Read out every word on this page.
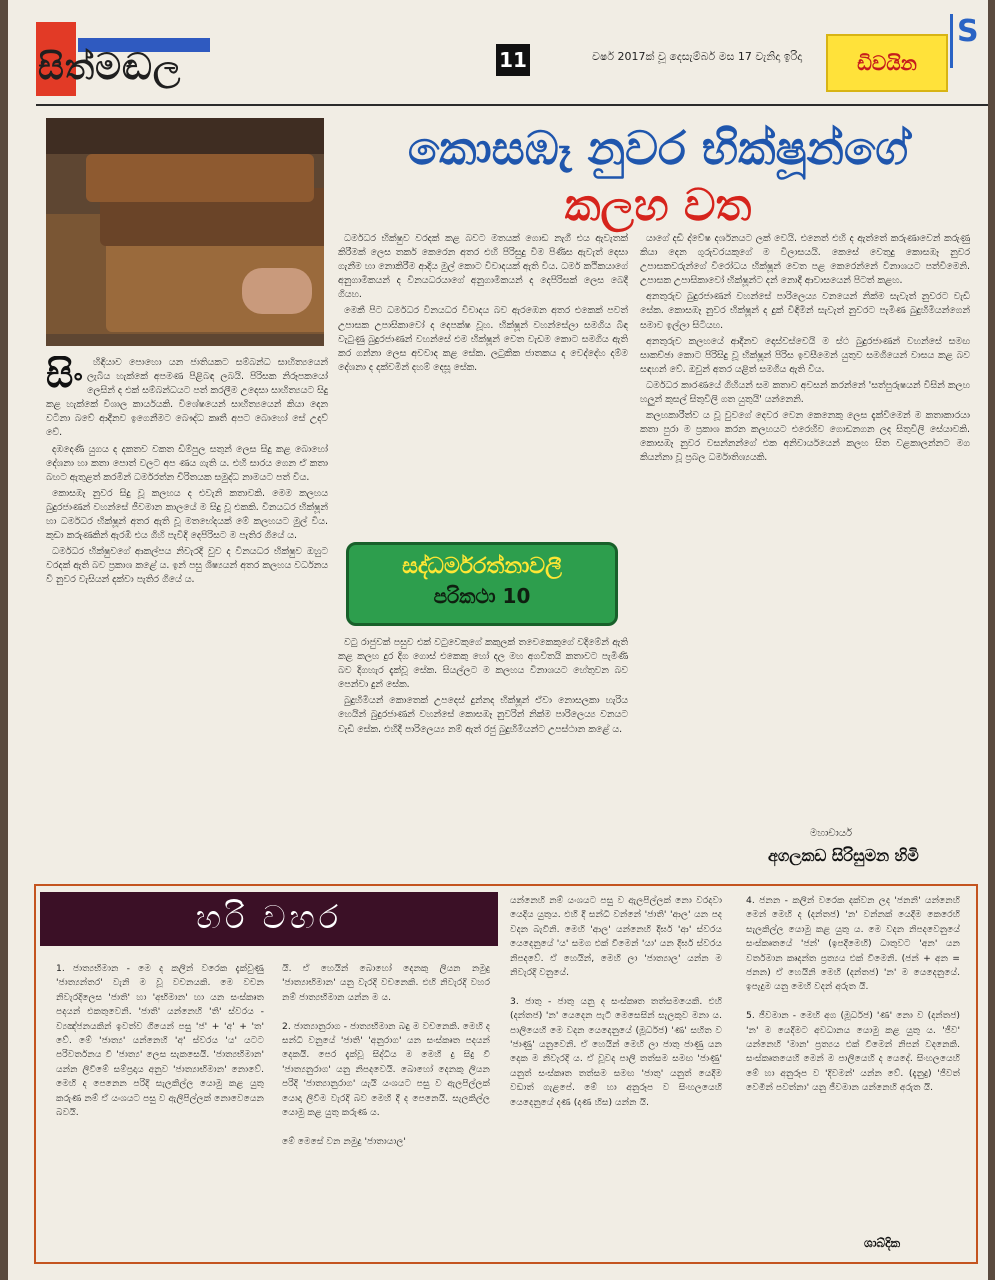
සිත්මඬල	11	වර්ෂ 2017ක් වූ දෙසැම්බර් මස 17 වැනිදා ඉරිදා	ඩිවයින
S
කොසඹෑ නුවර භික්ෂූන්ගේ
කලහ වත
සිං	හිඳියාව පොහො යන ජාතියකට සම්බන්ධ සාහිත්‍යයෙන් ලැබිය හැක්කේ අපමණ පිළිබඳ ලබයි. පිරිසක නිරූපකයෝ ලෙසින් ද එක් සම්බන්ධයට පත් කරලීම උදෙසා සාහිත්‍යයට සිදු කළ හැක්කේ විශාල කාර්යයකි. විශේෂයෙන් සාහිත්‍යයෙන් කියා දෙන වටිනා බවේ ආදීනව ඉගෙනීමට බෞද්ධ කෘතී අපට බොහෝ සේ උදව් වේ.

දඹදෙණි යුගය ද දකතව වකත ඩිම්පුල සතුන් ලෙස සිදු කළ බොහෝ දේශනා හා කතා පොත් වලට අප ණය ගැති ය. එහි සාරය ගෙන ඒ කතා බහට ඇතුළත් කරමින් ධර්මරත්න චීරිතයක සමුද්ධ නාමයට පත් විය.

කොසඹෑ නුවර සිදු වූ කලහය ද එවැනි කතාවකි. මෙම කලහය බුදුරජාණන් වහන්සේ ජීවමාන කාලයේ ම සිදු වූ එකකි. විනයධර භික්ෂූන් හා ධර්මධර භික්ෂූන් අතර ඇති වූ මතභේදයක් මේ කලහයට මුල් විය. කුඩා කරුණකින් ඇරඹී එය ගිහි පැවිදි දෙපිරිසට ම පැතිර ගියේ ය.

ධර්මධර භික්ෂුවගේ ආකල්පය නිවැරදි වුව ද විනයධර භික්ෂුව ඔහුට වරදක් ඇති බව ප්‍රකාශ කළේ ය. ඉන් පසු ශිෂ්‍යයන් අතර කලහය වර්ධනය වී නුවර වැසියන් දක්වා පැතිර ගියේ ය.

ධර්මධර භික්ෂුව වරදක් කළ බවට මතයක් ගොඩ නැගී එය ඇවැතක් කිරීමක් ලෙස තර්ක කෙරෙන අතර එහි පිරිසුදු වීම පිණිස ඇවැත් දෙසා ගැනීම හා නොකිරීම ආදිය මුල් කොට විවාදයක් ඇති විය. ධර්ම කථිකයාගේ අනුගාමිකයන් ද විනයධරයාගේ අනුගාමිකයන් ද දෙපිරිසක් ලෙස බෙදී ගියහ.

මෙකී පිට ධර්මධර විනයධර විවාදය බව ඇරඹෙන අතර එකෙක් පවත් උපාසක උපාසිකාවෝ ද දෙපක්ෂ වූහ. භික්ෂූන් වහන්සේලා සමගිය බිඳ වැටුණු බුදුරජාණන් වහන්සේ එම භික්ෂූන් වෙත වැඩම කොට සමගිය ඇති කර ගන්නා ලෙස අවවාද කළ සේක. ලටුකික ජාතකය ද වෙද්දේහ දම්ම දේශනා ද දක්වමින් දහම් දෙසූ සේක.

සද්ධර්මරත්නාවලී
පරිකථා 10

වටු රාජුවක් පසුව එක් වටුවෙකුගේ කකුලක් තවෙකෙකුගේ වදිමේන් ඇති කළ කලහ දුර දිග ගොස් එකෙකු හෝ දල මහ අගවිතයි කතාවට පැමිණි බව දිගහැර දැක්වූ සේක. සියල්ලට ම කලහය විනාශයට හේතුවන බව පෙන්වා දුන් සේක.

බුදුහිමියන් කොතෙක් උපදෙස් දුන්නද භික්ෂූන් ඒවා නොසලකා හැරිය හෙයින් බුදුරජාණන් වහන්සේ කොසඹෑ නුවරින් නික්ම පාරිලෙය්‍ය වනයට වැඩි සේක. එහිදී පාරිලෙය්‍ය නම් ඇත් රජු බුදුහිමියන්ට උපස්ථාන කළේ ය.

යාගේ දඩි ද්වේෂ දර්ශනයට ලක් වෙයි. එනෙත් එහි ද ඇත්තේ කරුණාවෙන් කරුණු කියා දෙන ගුරුවරයකුගේ ම විලාසයයි. කෙසේ වෙතුදු කොසඹෑ නුවර උපාසකවරුන්ගේ විරෝධය භික්ෂූන් වෙත පළ කෙරෙන්නේ විනාශයට පත්වීමෙනි. උපාසක උපාසිකාවෝ භික්ෂූන්ට දන් නොදී ආවාසයෙන් පිටත් කළහ.

අනතුරුව බුදුරජාණන් වහන්සේ පාරිලෙය්‍ය වනයෙන් නික්ම සැවැත් නුවරට වැඩි සේක. කොසඹෑ නුවර භික්ෂූන් ද දුක් විඳිමින් සැවැත් නුවරට පැමිණ බුදුහිමියන්ගෙන් සමාව ඉල්ලා සිටියහ.

අනතුරුව කලහයේ ආදීනව දොස්වස්වෙයි ම ස්ථ බුදුරජාණන් වහන්සේ සමඟ සාකච්ඡා කොට පිරිසිදු වූ භික්ෂූන් පිරිස ඉවසීමෙන් යුතුව සමගියෙන් වාසය කළ බව සඳහන් වේ. ඔවුන් අතර යළිත් සමගිය ඇති විය.

ධර්මධර කාරණයේ ගිහියන් සම කතාව අවසන් කරන්නේ 'සත්පුරුෂයන් විසින් කලහ හලුන් කුසල් සිතුවිලි ගත යුතුයි' යන්නෙනි.

කලහකාරීත්ව ය වූ වුවගේ දෙවර වෙන කෙනෙකු ලෙස දැක්වීමෙන් ම කතාකාරයා කතා පුරා ම ප්‍රකාශ කරන කලහයට එරෙහිව ගොඩනගන ලද සිතුවිලි සේයාවකි. කොසඹෑ නුවර වසන්නන්ගේ එක අනිවාර්යයෙන් කලහ සිත වළකාලන්නට මග කියන්නා වූ ප්‍රබල ධර්මාතිශ්‍යයකි.

මහාචාර්ය
අගලකඩ සිරිසුමන හිමි
හරි වහර
1. ජාත්‍යභිමාන - මෙ ද කලින් වරෙක දැක්වුණු 'ජාත්‍යන්තර' වැනි ම වූ වචනයකි. මෙ වචන නිවැරදිලෙස 'ජාති' හා 'අභිමාන' හා යන සංස්කෘත පදයන් එකතුවෙනි. 'ජාති' යන්නෙහි 'ති' ස්වරය - ව්‍යඤ්ජනයකින් ඉවත්ව ගියෙන් පසු 'ජ' + 'අ' + 'ත' වේ. මේ 'ජාත්‍ය' යන්නෙහි 'අ' ස්වරය 'ය' යටට පරිවර්තනය වී 'ජාත්‍ය' ලෙස සැකසෙයි. 'ජාත්‍යභිමාන' යන්න ලිවීමේ සම්ප්‍රදාය අනුව 'ජාත්‍යාභිමාන' නොවේ. මෙහි ද පෙනෙන පරිදි සැලකිල්ල යොමු කළ යුතු කරුණ නම් ඒ යංශයට පසු ව ඇලිපිල්ලක් නොවෙයෙන බවයි.
යි. ඒ හෙයින් බොහෝ දෙනකු ලියන නමුදු 'ජාත්‍යාභිමාන' යනු වැරදි වචනෙකි. එහි නිවැරදි වහර නම් ජාත්‍යභිමාන යන්න ම ය.

2. ජාත්‍යානුරාග - ජාත්‍යභිමාන බඳු ම වචනෙකි. මෙහි ද සන්ධි වනුයේ 'ජාති' 'අනුරාග' යන සංස්කෘත පදයන් දෙකයි. පෙර දැක්වූ සිද්ධිය ම මෙහි දු සිදු වී 'ජාත්‍යනුරාග' යනු නිපදවෙයි. බොහෝ දෙනකු ලියන පරිදි 'ජාත්‍යානුරාග' යැයි යංශයට පසු ව ඇලපිල්ලක් යොදා ලිවීම වැරදි බව මෙහි දී ද පෙනෙයි. සැලකිල්ල යොමු කළ යුතු කරුණ ය.

මේ මෙසේ වන නමුදු 'ජාතායාල'
යන්නෙහි නම් යංශයට පසු ව ඇලපිල්ලක් නො වරදවා යෙදිය යුතුය. එහි දී සන්ධි වන්නේ 'ජාති' 'ආල' යන පද වදන බැවිනි. මෙහි 'ආල' යන්නෙහි දීර්ඝ 'ආ' ස්වරය යෙදෙනුයේ 'ය' සමග එක් වීමෙන් 'යා' යන දීර්ඝ ස්වරය නිපදවේ. ඒ හෙයින්, මෙහි ලා 'ජාත්‍යාල' යන්න ම නිවැරදි වනුයේ.

3. ජාතු - ජාතු යනු ද සංස්කෘත තත්සමයෙකි. එහි (දන්තජ) 'න' යෙදෙන පැටි මෙසෙසින් සැලකුව මනා ය. පාලියෙහි මෙ වදන යෙදෙනුයේ (මූර්ධජ) 'ණ' සහිත ව 'ජාණු' යනුවෙනි. ඒ හෙයින් මෙහි ලා ජාතු ජාණු යන දෙක ම නිවැරදි ය. ඒ වූවද පාලි තත්සම සමඟ 'ජාණු' යනුත් සංස්කෘත තත්සම සමඟ 'ජාතු' යනුත් යෙදීම වඩාත් ගැළපේ. මේ හා අනුරූප ව සිංහලයෙහි යෙදෙනුයේ දණ (දණ හිස) යන්න යි.
4. ජනන - කලින් වරෙක දක්වන ලද 'ජනනි' යන්නෙහි මෙන් මෙහි ද (දන්තජ) 'න' වන්නක් යෙදීම කෙරෙහි සැලකිල්ල යොමු කළ යුතු ය. මෙ වදන නිපදවෙනුයේ සංස්කෘතයේ 'ජන්' (ඉපදීමෙහි) ධාතුවට 'අන' යන වර්තමාන කෘදන්ත ප්‍රත්‍යය එක් වීමෙනි. (ජන් + අන = ජනන) ඒ හෙයිනි මෙහි (දන්තජ) 'න' ම යෙදෙනුයේ. ඉපැදුම යනු මෙහි වදන් අරුත යි.

5. ජීවමාන - මෙහි අග (මූර්ධජ) 'ණ' නො ව (දන්තජ) 'න' ම යෙදීමට අවධානය යොමු කළ යුතු ය. 'ජීව' යන්නෙහි 'මාන' ප්‍රත්‍යය එක් වීමෙන් නිපන් වදනෙකි. සංස්කෘතයෙහි මෙන් ම පාලියෙහි ද යෙදේ. සිංහලයෙහි මේ හා අනුරූප ව 'දිවමන්' යන්න වේ. (දැනුදු) 'ජීවත් වෙමින් පවත්නා' යනු ජීවමාන යන්නෙහි අරුත යි.
ශාබ්දික
